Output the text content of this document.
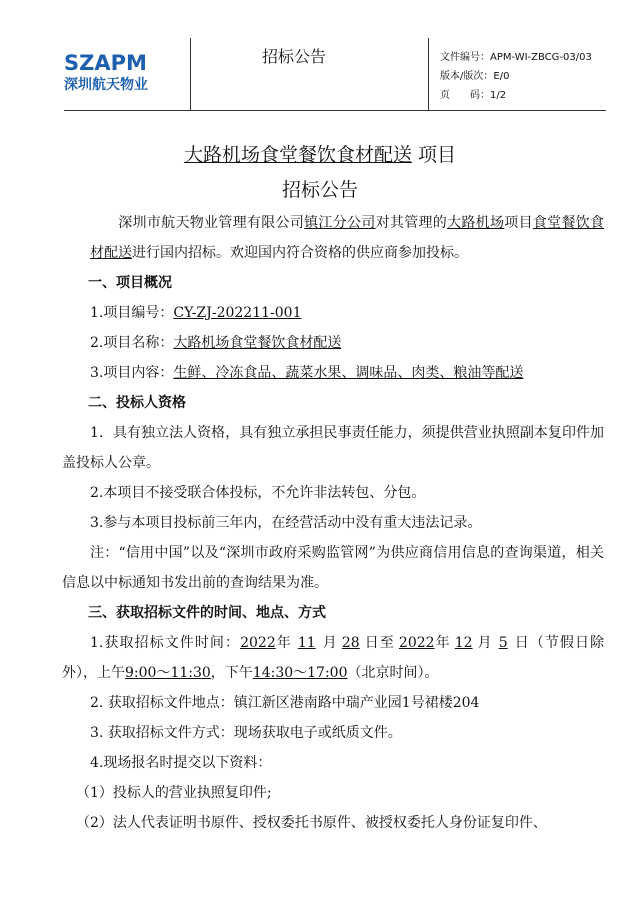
SZAPM
深圳航天物业
招标公告	文件编号：APM-WI-ZBCG-03/03
版本/版次：E/0
页　　码：1/2
大路机场食堂餐饮食材配送 项目
招标公告
深圳市航天物业管理有限公司镇江分公司对其管理的大路机场项目食堂餐饮食材配送进行国内招标。欢迎国内符合资格的供应商参加投标。
一、项目概况
1.项目编号：CY-ZJ-202211-001
2.项目名称：大路机场食堂餐饮食材配送
3.项目内容：生鲜、冷冻食品、蔬菜水果、调味品、肉类、粮油等配送
二、投标人资格
1．具有独立法人资格，具有独立承担民事责任能力，须提供营业执照副本复印件加盖投标人公章。
2.本项目不接受联合体投标，不允许非法转包、分包。
3.参与本项目投标前三年内，在经营活动中没有重大违法记录。
注：“信用中国”以及“深圳市政府采购监管网”为供应商信用信息的查询渠道，相关信息以中标通知书发出前的查询结果为准。
三、获取招标文件的时间、地点、方式
1.获取招标文件时间：2022年 11 月 28 日至 2022年 12 月 5 日（节假日除外），上午9:00～11:30，下午14:30～17:00（北京时间）。
2. 获取招标文件地点：镇江新区港南路中瑞产业园1号裙楼204
3. 获取招标文件方式：现场获取电子或纸质文件。
4.现场报名时提交以下资料：
（1）投标人的营业执照复印件;
（2）法人代表证明书原件、授权委托书原件、被授权委托人身份证复印件、
